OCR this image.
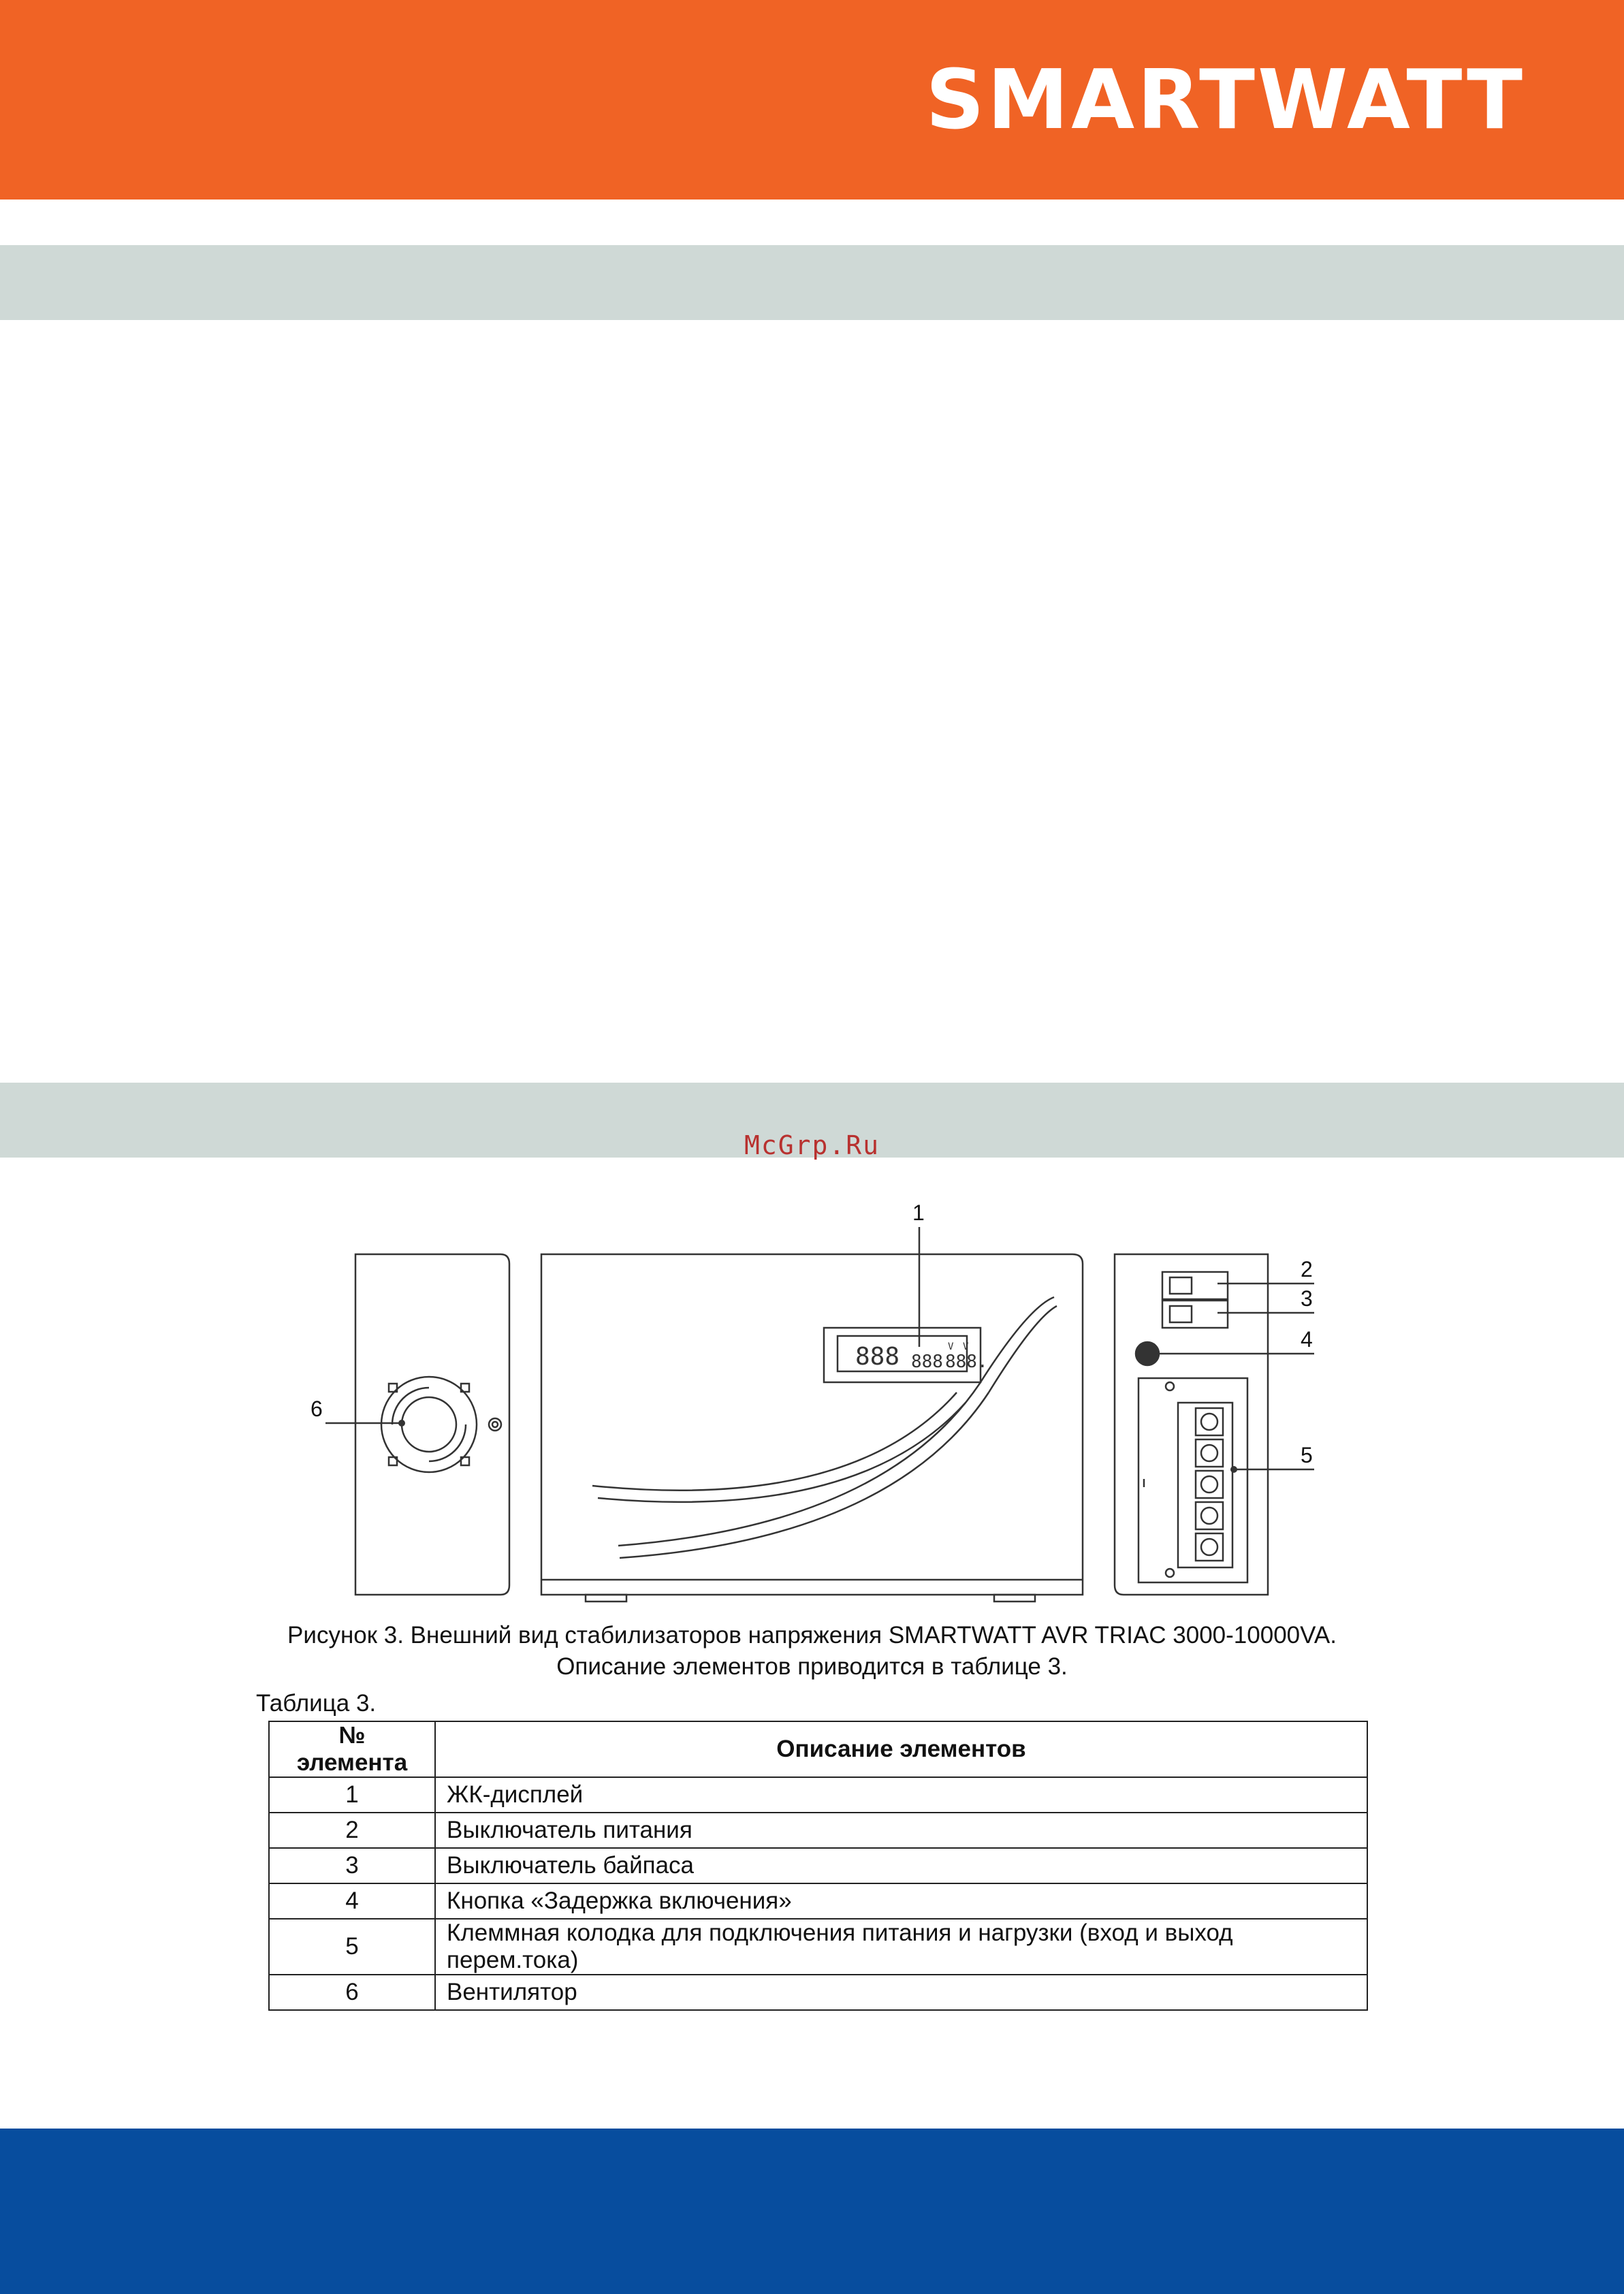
SMARTWATT
McGrp.Ru
888 888 888.
V V
1
2
3
4
5
6
Рисунок 3. Внешний вид стабилизаторов напряжения SMARTWATT AVR TRIAC 3000-10000VA.
Описание элементов приводится в таблице 3.
Таблица 3.
№ элемента	Описание элементов
1	ЖК-дисплей
2	Выключатель питания
3	Выключатель байпаса
4	Кнопка «Задержка включения»
5	Клеммная колодка для подключения питания и нагрузки (вход и выход перем.тока)
6	Вентилятор
